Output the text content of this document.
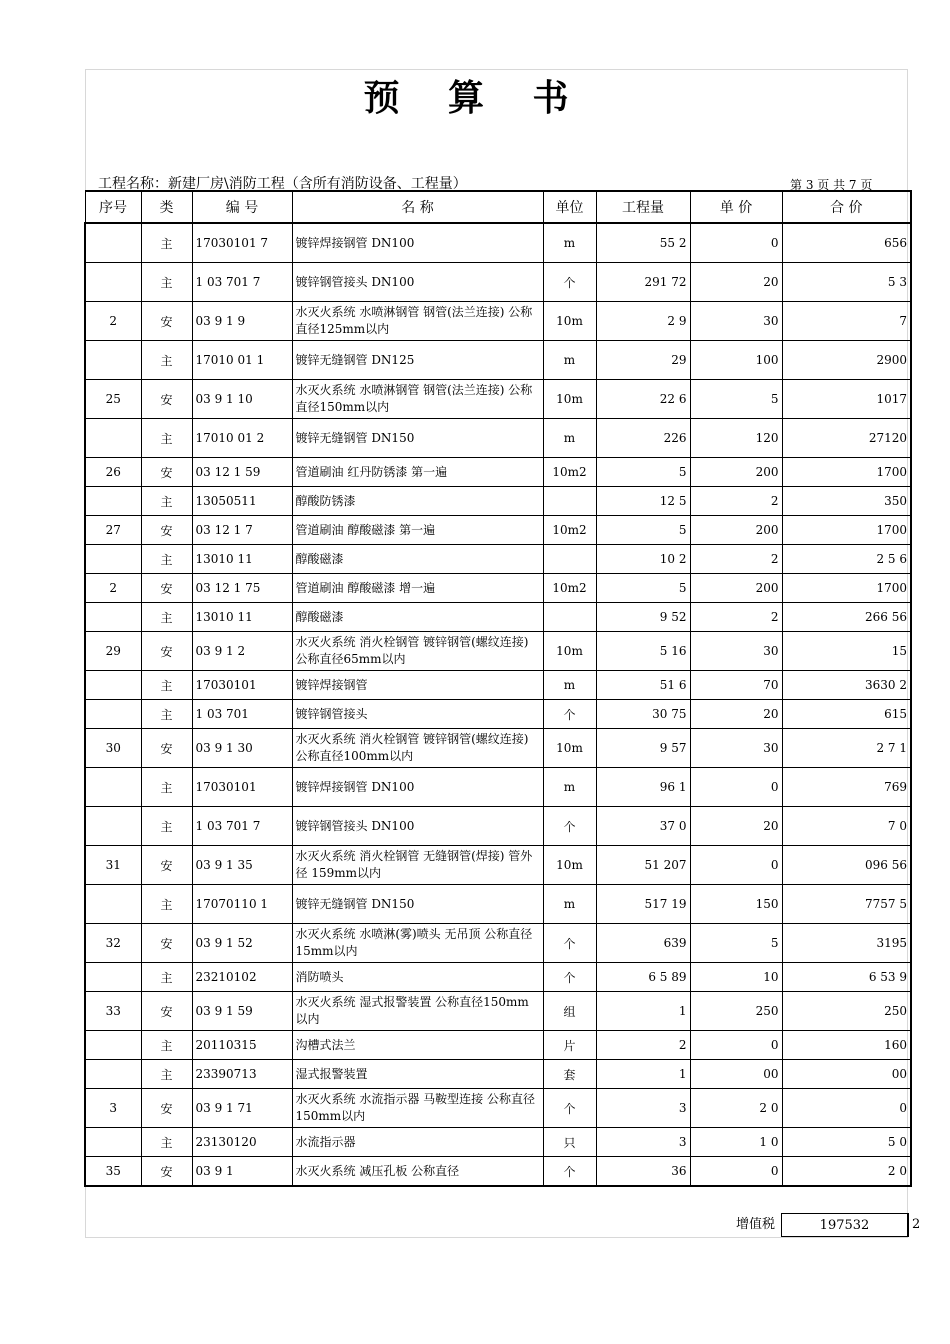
预 算 书
工程名称：新建厂房\消防工程（含所有消防设备、工程量）	第 3 页 共 7 页
序号	类	编 号	名 称	单位	工程量	单 价	合 价
	主	17030101 7	镀锌焊接钢管 DN100	m	55 2	0	656
	主	1 03 701 7	镀锌钢管接头 DN100	个	291 72	20	5 3
2	安	03 9 1 9	水灭火系统 水喷淋钢管 钢管(法兰连接) 公称直径125mm以内	10m	2 9	30	7
	主	17010 01 1	镀锌无缝钢管 DN125	m	29	100	2900
25	安	03 9 1 10	水灭火系统 水喷淋钢管 钢管(法兰连接) 公称直径150mm以内	10m	22 6	5	1017
	主	17010 01 2	镀锌无缝钢管 DN150	m	226	120	27120
26	安	03 12 1 59	管道刷油 红丹防锈漆 第一遍	10m2	5	200	1700
	主	13050511	醇酸防锈漆		12 5	2	350
27	安	03 12 1 7	管道刷油 醇酸磁漆 第一遍	10m2	5	200	1700
	主	13010 11	醇酸磁漆		10 2	2	2 5 6
2	安	03 12 1 75	管道刷油 醇酸磁漆 增一遍	10m2	5	200	1700
	主	13010 11	醇酸磁漆		9 52	2	266 56
29	安	03 9 1 2	水灭火系统 消火栓钢管 镀锌钢管(螺纹连接) 公称直径65mm以内	10m	5 16	30	15
	主	17030101	镀锌焊接钢管	m	51 6	70	3630 2
	主	1 03 701	镀锌钢管接头	个	30 75	20	615
30	安	03 9 1 30	水灭火系统 消火栓钢管 镀锌钢管(螺纹连接) 公称直径100mm以内	10m	9 57	30	2 7 1
	主	17030101	镀锌焊接钢管 DN100	m	96 1	0	769
	主	1 03 701 7	镀锌钢管接头 DN100	个	37 0	20	7 0
31	安	03 9 1 35	水灭火系统 消火栓钢管 无缝钢管(焊接) 管外径 159mm以内	10m	51 207	0	096 56
	主	17070110 1	镀锌无缝钢管 DN150	m	517 19	150	7757 5
32	安	03 9 1 52	水灭火系统 水喷淋(雾)喷头 无吊顶 公称直径15mm以内	个	639	5	3195
	主	23210102	消防喷头	个	6 5 89	10	6 53 9
33	安	03 9 1 59	水灭火系统 湿式报警装置 公称直径150mm以内	组	1	250	250
	主	20110315	沟槽式法兰	片	2	0	160
	主	23390713	湿式报警装置	套	1	00	00
3	安	03 9 1 71	水灭火系统 水流指示器 马鞍型连接 公称直径150mm以内	个	3	2 0	0
	主	23130120	水流指示器	只	3	1 0	5 0
35	安	03 9 1	水灭火系统 减压孔板 公称直径	个	36	0	2 0
增值税	197532	2
